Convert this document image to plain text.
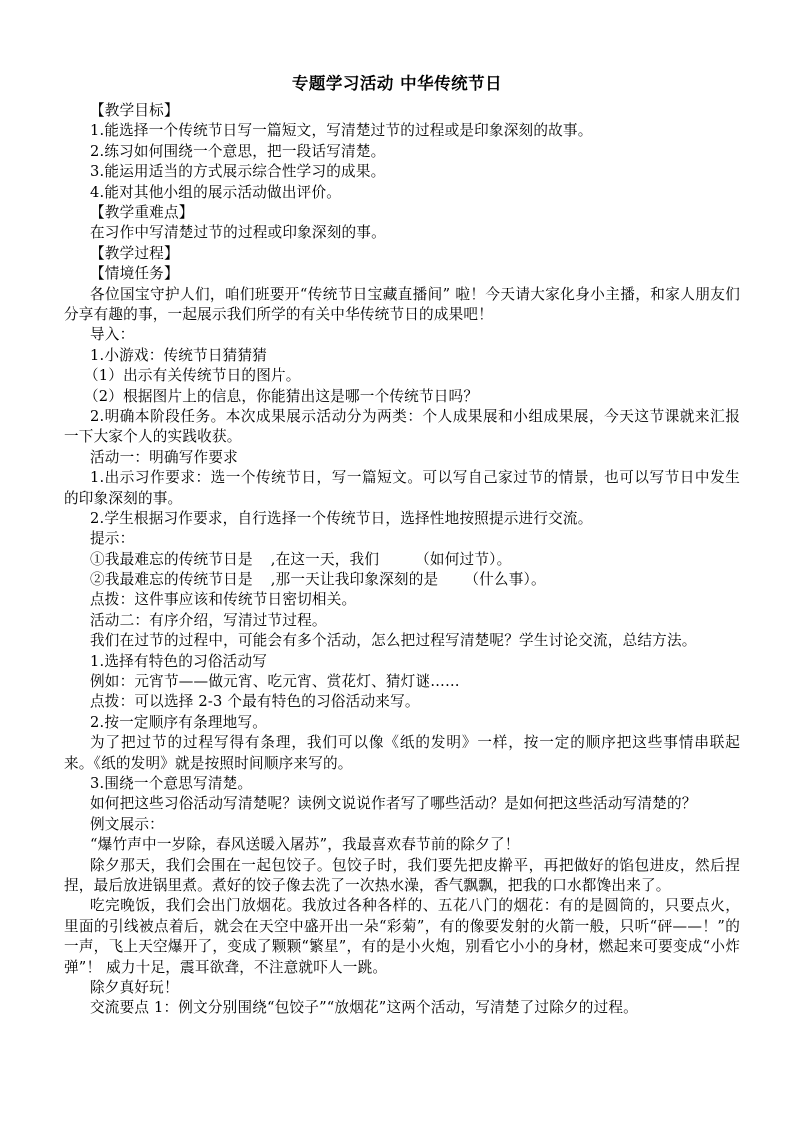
专题学习活动 中华传统节日
【教学目标】
1.能选择一个传统节日写一篇短文，写清楚过节的过程或是印象深刻的故事。
2.练习如何围绕一个意思，把一段话写清楚。
3.能运用适当的方式展示综合性学习的成果。
4.能对其他小组的展示活动做出评价。
【教学重难点】
在习作中写清楚过节的过程或印象深刻的事。
【教学过程】
【情境任务】
各位国宝守护人们，咱们班要开“传统节日宝藏直播间” 啦！今天请大家化身小主播，和家人朋友们分享有趣的事，一起展示我们所学的有关中华传统节日的成果吧！
导入：
1.小游戏：传统节日猜猜猜
（1）出示有关传统节日的图片。
（2）根据图片上的信息，你能猜出这是哪一个传统节日吗？
2.明确本阶段任务。本次成果展示活动分为两类：个人成果展和小组成果展，今天这节课就来汇报一下大家个人的实践收获。
活动一：明确写作要求
1.出示习作要求：选一个传统节日，写一篇短文。可以写自己家过节的情景，也可以写节日中发生的印象深刻的事。
2.学生根据习作要求，自行选择一个传统节日，选择性地按照提示进行交流。
提示：
①我最难忘的传统节日是 ,在这一天，我们 （如何过节）。
②我最难忘的传统节日是 ,那一天让我印象深刻的是 （什么事）。
点拨：这件事应该和传统节日密切相关。
活动二：有序介绍，写清过节过程。
我们在过节的过程中，可能会有多个活动，怎么把过程写清楚呢？学生讨论交流，总结方法。
1.选择有特色的习俗活动写
例如：元宵节——做元宵、吃元宵、赏花灯、猜灯谜……
点拨：可以选择 2-3 个最有特色的习俗活动来写。
2.按一定顺序有条理地写。
为了把过节的过程写得有条理，我们可以像《纸的发明》一样，按一定的顺序把这些事情串联起来。《纸的发明》就是按照时间顺序来写的。
3.围绕一个意思写清楚。
如何把这些习俗活动写清楚呢？读例文说说作者写了哪些活动？是如何把这些活动写清楚的？
例文展示：
“爆竹声中一岁除，春风送暖入屠苏”，我最喜欢春节前的除夕了！
除夕那天，我们会围在一起包饺子。包饺子时，我们要先把皮擀平，再把做好的馅包进皮，然后捏捏，最后放进锅里煮。煮好的饺子像去洗了一次热水澡，香气飘飘，把我的口水都馋出来了。
吃完晚饭，我们会出门放烟花。我放过各种各样的、五花八门的烟花：有的是圆筒的，只要点火，里面的引线被点着后，就会在天空中盛开出一朵“彩菊”，有的像要发射的火箭一般，只听“砰——！”的一声，飞上天空爆开了，变成了颗颗“繁星”，有的是小火炮，别看它小小的身材，燃起来可要变成“小炸弹”！ 威力十足，震耳欲聋，不注意就吓人一跳。
除夕真好玩！
交流要点 1：例文分别围绕“包饺子”“放烟花”这两个活动，写清楚了过除夕的过程。
